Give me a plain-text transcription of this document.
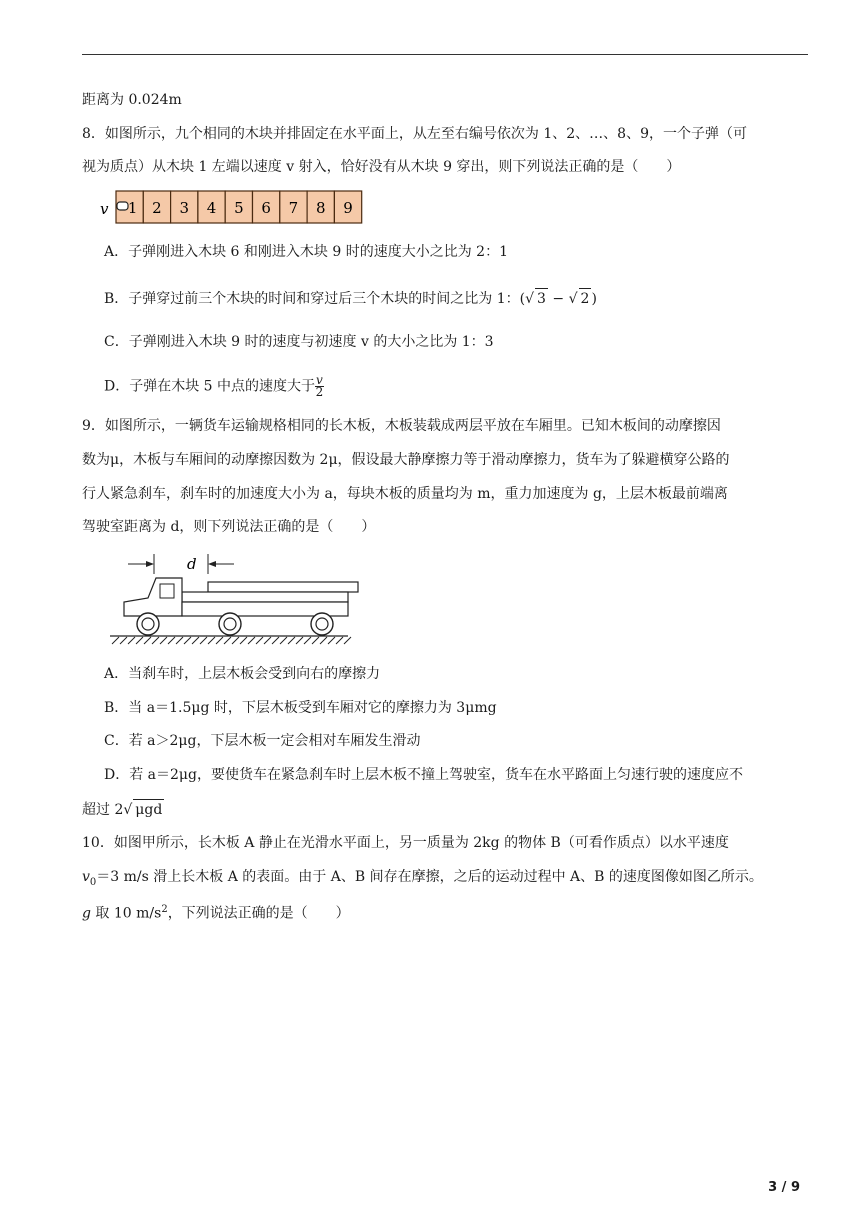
距离为 0.024m
8．如图所示，九个相同的木块并排固定在水平面上，从左至右编号依次为 1、2、…、8、9，一个子弹（可
视为质点）从木块 1 左端以速度 v 射入，恰好没有从木块 9 穿出，则下列说法正确的是（　　）
v 1 2 3 4 5 6 7 8 9
A．子弹刚进入木块 6 和刚进入木块 9 时的速度大小之比为 2：1
B．子弹穿过前三个木块的时间和穿过后三个木块的时间之比为 1：(√ 3 − √ 2 )
C．子弹刚进入木块 9 时的速度与初速度 v 的大小之比为 1：3
D．子弹在木块 5 中点的速度大于 $\frac{v}{2}$
9．如图所示，一辆货车运输规格相同的长木板，木板装载成两层平放在车厢里。已知木板间的动摩擦因
数为μ，木板与车厢间的动摩擦因数为 2μ，假设最大静摩擦力等于滑动摩擦力，货车为了躲避横穿公路的
行人紧急刹车，刹车时的加速度大小为 a，每块木板的质量均为 m，重力加速度为 g，上层木板最前端离
驾驶室距离为 d，则下列说法正确的是（　　）
d
A．当刹车时，上层木板会受到向右的摩擦力
B．当 a＝1.5μg 时，下层木板受到车厢对它的摩擦力为 3μmg
C．若 a＞2μg，下层木板一定会相对车厢发生滑动
D．若 a＝2μg，要使货车在紧急刹车时上层木板不撞上驾驶室，货车在水平路面上匀速行驶的速度应不
超过 2√ μgd
10．如图甲所示，长木板 A 静止在光滑水平面上，另一质量为 2kg 的物体 B（可看作质点）以水平速度
$v_0=3$ m/s 滑上长木板 A 的表面。由于 A、B 间存在摩擦，之后的运动过程中 A、B 的速度图像如图乙所示。
g 取 10 $m/s^2$，下列说法正确的是（　　）
3 / 9
